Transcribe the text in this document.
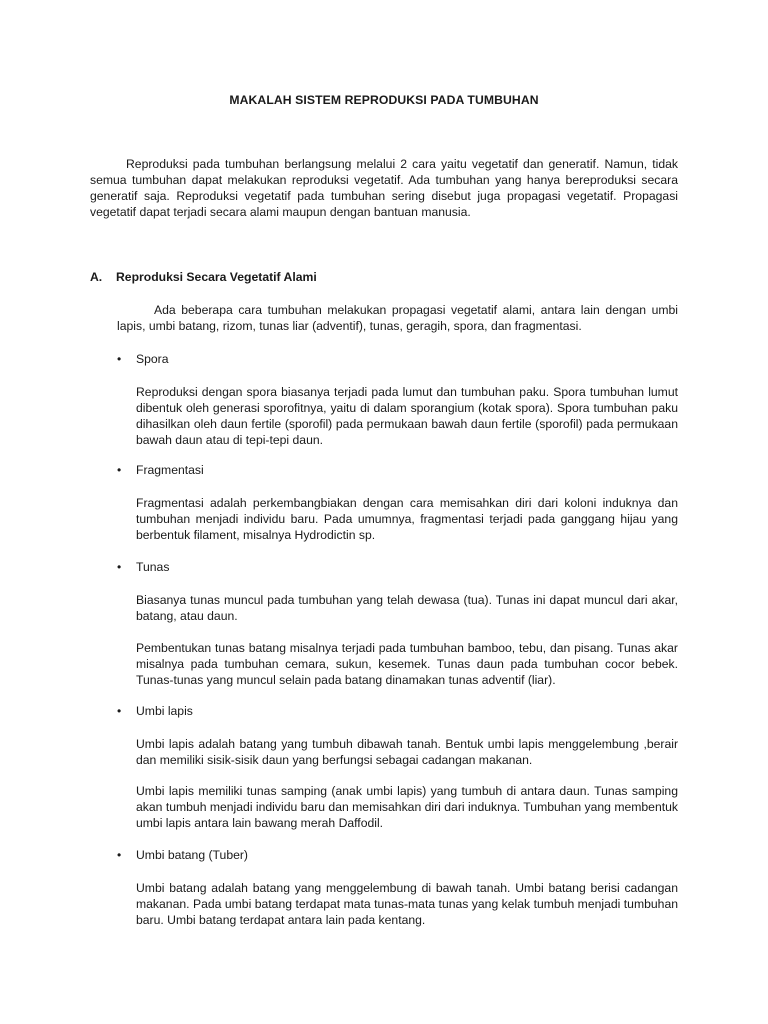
MAKALAH SISTEM REPRODUKSI PADA TUMBUHAN
Reproduksi pada tumbuhan berlangsung melalui 2 cara yaitu vegetatif dan generatif. Namun, tidak semua tumbuhan dapat melakukan reproduksi vegetatif. Ada tumbuhan yang hanya bereproduksi secara generatif saja. Reproduksi vegetatif pada tumbuhan sering disebut juga propagasi vegetatif. Propagasi vegetatif dapat terjadi secara alami maupun dengan bantuan manusia.
A. Reproduksi Secara Vegetatif Alami
Ada beberapa cara tumbuhan melakukan propagasi vegetatif alami, antara lain dengan umbi lapis, umbi batang, rizom, tunas liar (adventif), tunas, geragih, spora, dan fragmentasi.
• Spora
Reproduksi dengan spora biasanya terjadi pada lumut dan tumbuhan paku. Spora tumbuhan lumut dibentuk oleh generasi sporofitnya, yaitu di dalam sporangium (kotak spora). Spora tumbuhan paku dihasilkan oleh daun fertile (sporofil) pada permukaan bawah daun fertile (sporofil) pada permukaan bawah daun atau di tepi-tepi daun.
• Fragmentasi
Fragmentasi adalah perkembangbiakan dengan cara memisahkan diri dari koloni induknya dan tumbuhan menjadi individu baru. Pada umumnya, fragmentasi terjadi pada ganggang hijau yang berbentuk filament, misalnya Hydrodictin sp.
• Tunas
Biasanya tunas muncul pada tumbuhan yang telah dewasa (tua). Tunas ini dapat muncul dari akar, batang, atau daun.
Pembentukan tunas batang misalnya terjadi pada tumbuhan bamboo, tebu, dan pisang. Tunas akar misalnya pada tumbuhan cemara, sukun, kesemek. Tunas daun pada tumbuhan cocor bebek. Tunas-tunas yang muncul selain pada batang dinamakan tunas adventif (liar).
• Umbi lapis
Umbi lapis adalah batang yang tumbuh dibawah tanah. Bentuk umbi lapis menggelembung ,berair dan memiliki sisik-sisik daun yang berfungsi sebagai cadangan makanan.
Umbi lapis memiliki tunas samping (anak umbi lapis) yang tumbuh di antara daun. Tunas samping akan tumbuh menjadi individu baru dan memisahkan diri dari induknya. Tumbuhan yang membentuk umbi lapis antara lain bawang merah Daffodil.
• Umbi batang (Tuber)
Umbi batang adalah batang yang menggelembung di bawah tanah. Umbi batang berisi cadangan makanan. Pada umbi batang terdapat mata tunas-mata tunas yang kelak tumbuh menjadi tumbuhan baru. Umbi batang terdapat antara lain pada kentang.
